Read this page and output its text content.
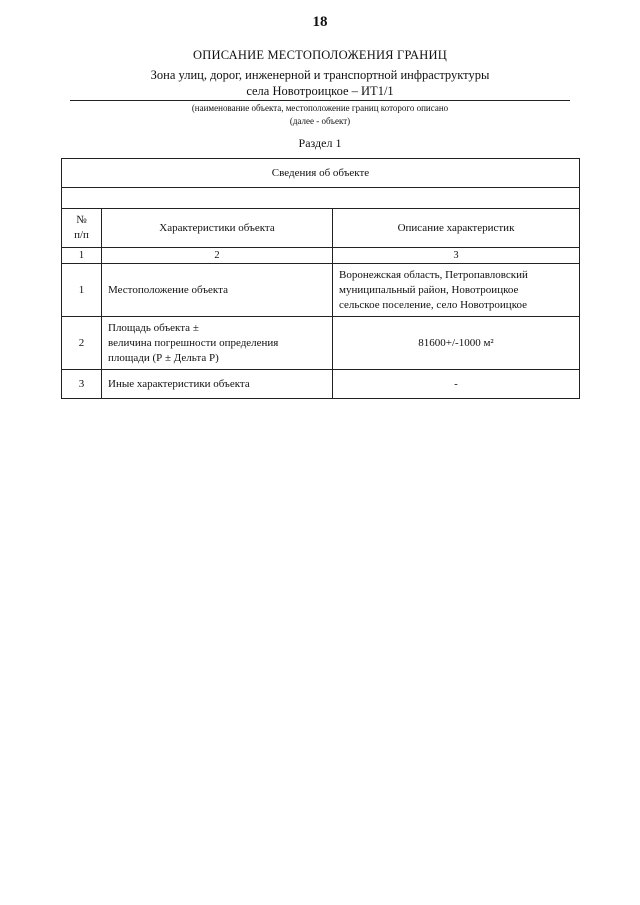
18
ОПИСАНИЕ МЕСТОПОЛОЖЕНИЯ ГРАНИЦ
Зона улиц, дорог, инженерной и транспортной инфраструктуры
села Новотроицкое – ИТ1/1
(наименование объекта, местоположение границ которого описано
(далее - объект)
Раздел 1
Сведения об объекте		

№
п/п	Характеристики объекта	Описание характеристик
1	2	3
1	Местоположение объекта	Воронежская область, Петропавловский
муниципальный район, Новотроицкое
сельское поселение, село Новотроицкое

2	Площадь объекта ±
величина погрешности определения
площади (Р ± Дельта Р)	81600+/-1000 м²
3	Иные характеристики объекта	-
